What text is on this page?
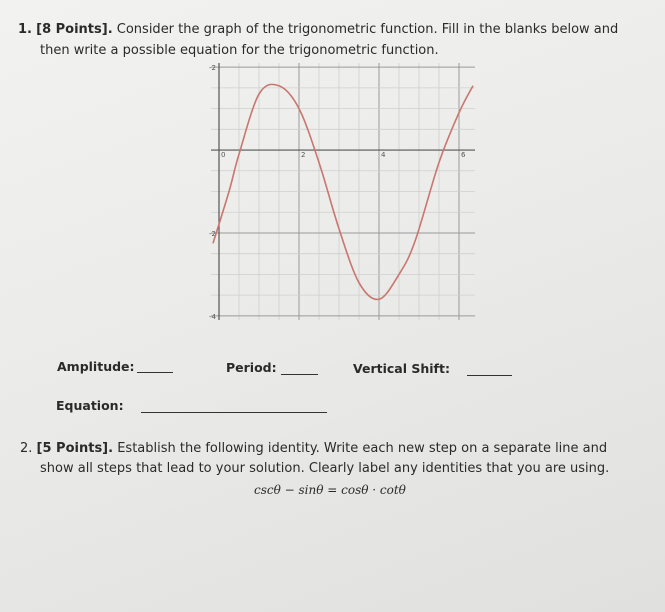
1. [8 Points]. Consider the graph of the trigonometric function. Fill in the blanks below and
then write a possible equation for the trigonometric function.
0	2	4	6
-2
-2
-4
Amplitude:	Period:	Vertical Shift:
Equation:
2. [5 Points]. Establish the following identity. Write each new step on a separate line and
show all steps that lead to your solution. Clearly label any identities that you are using.
cscθ − sinθ = cosθ · cotθ
